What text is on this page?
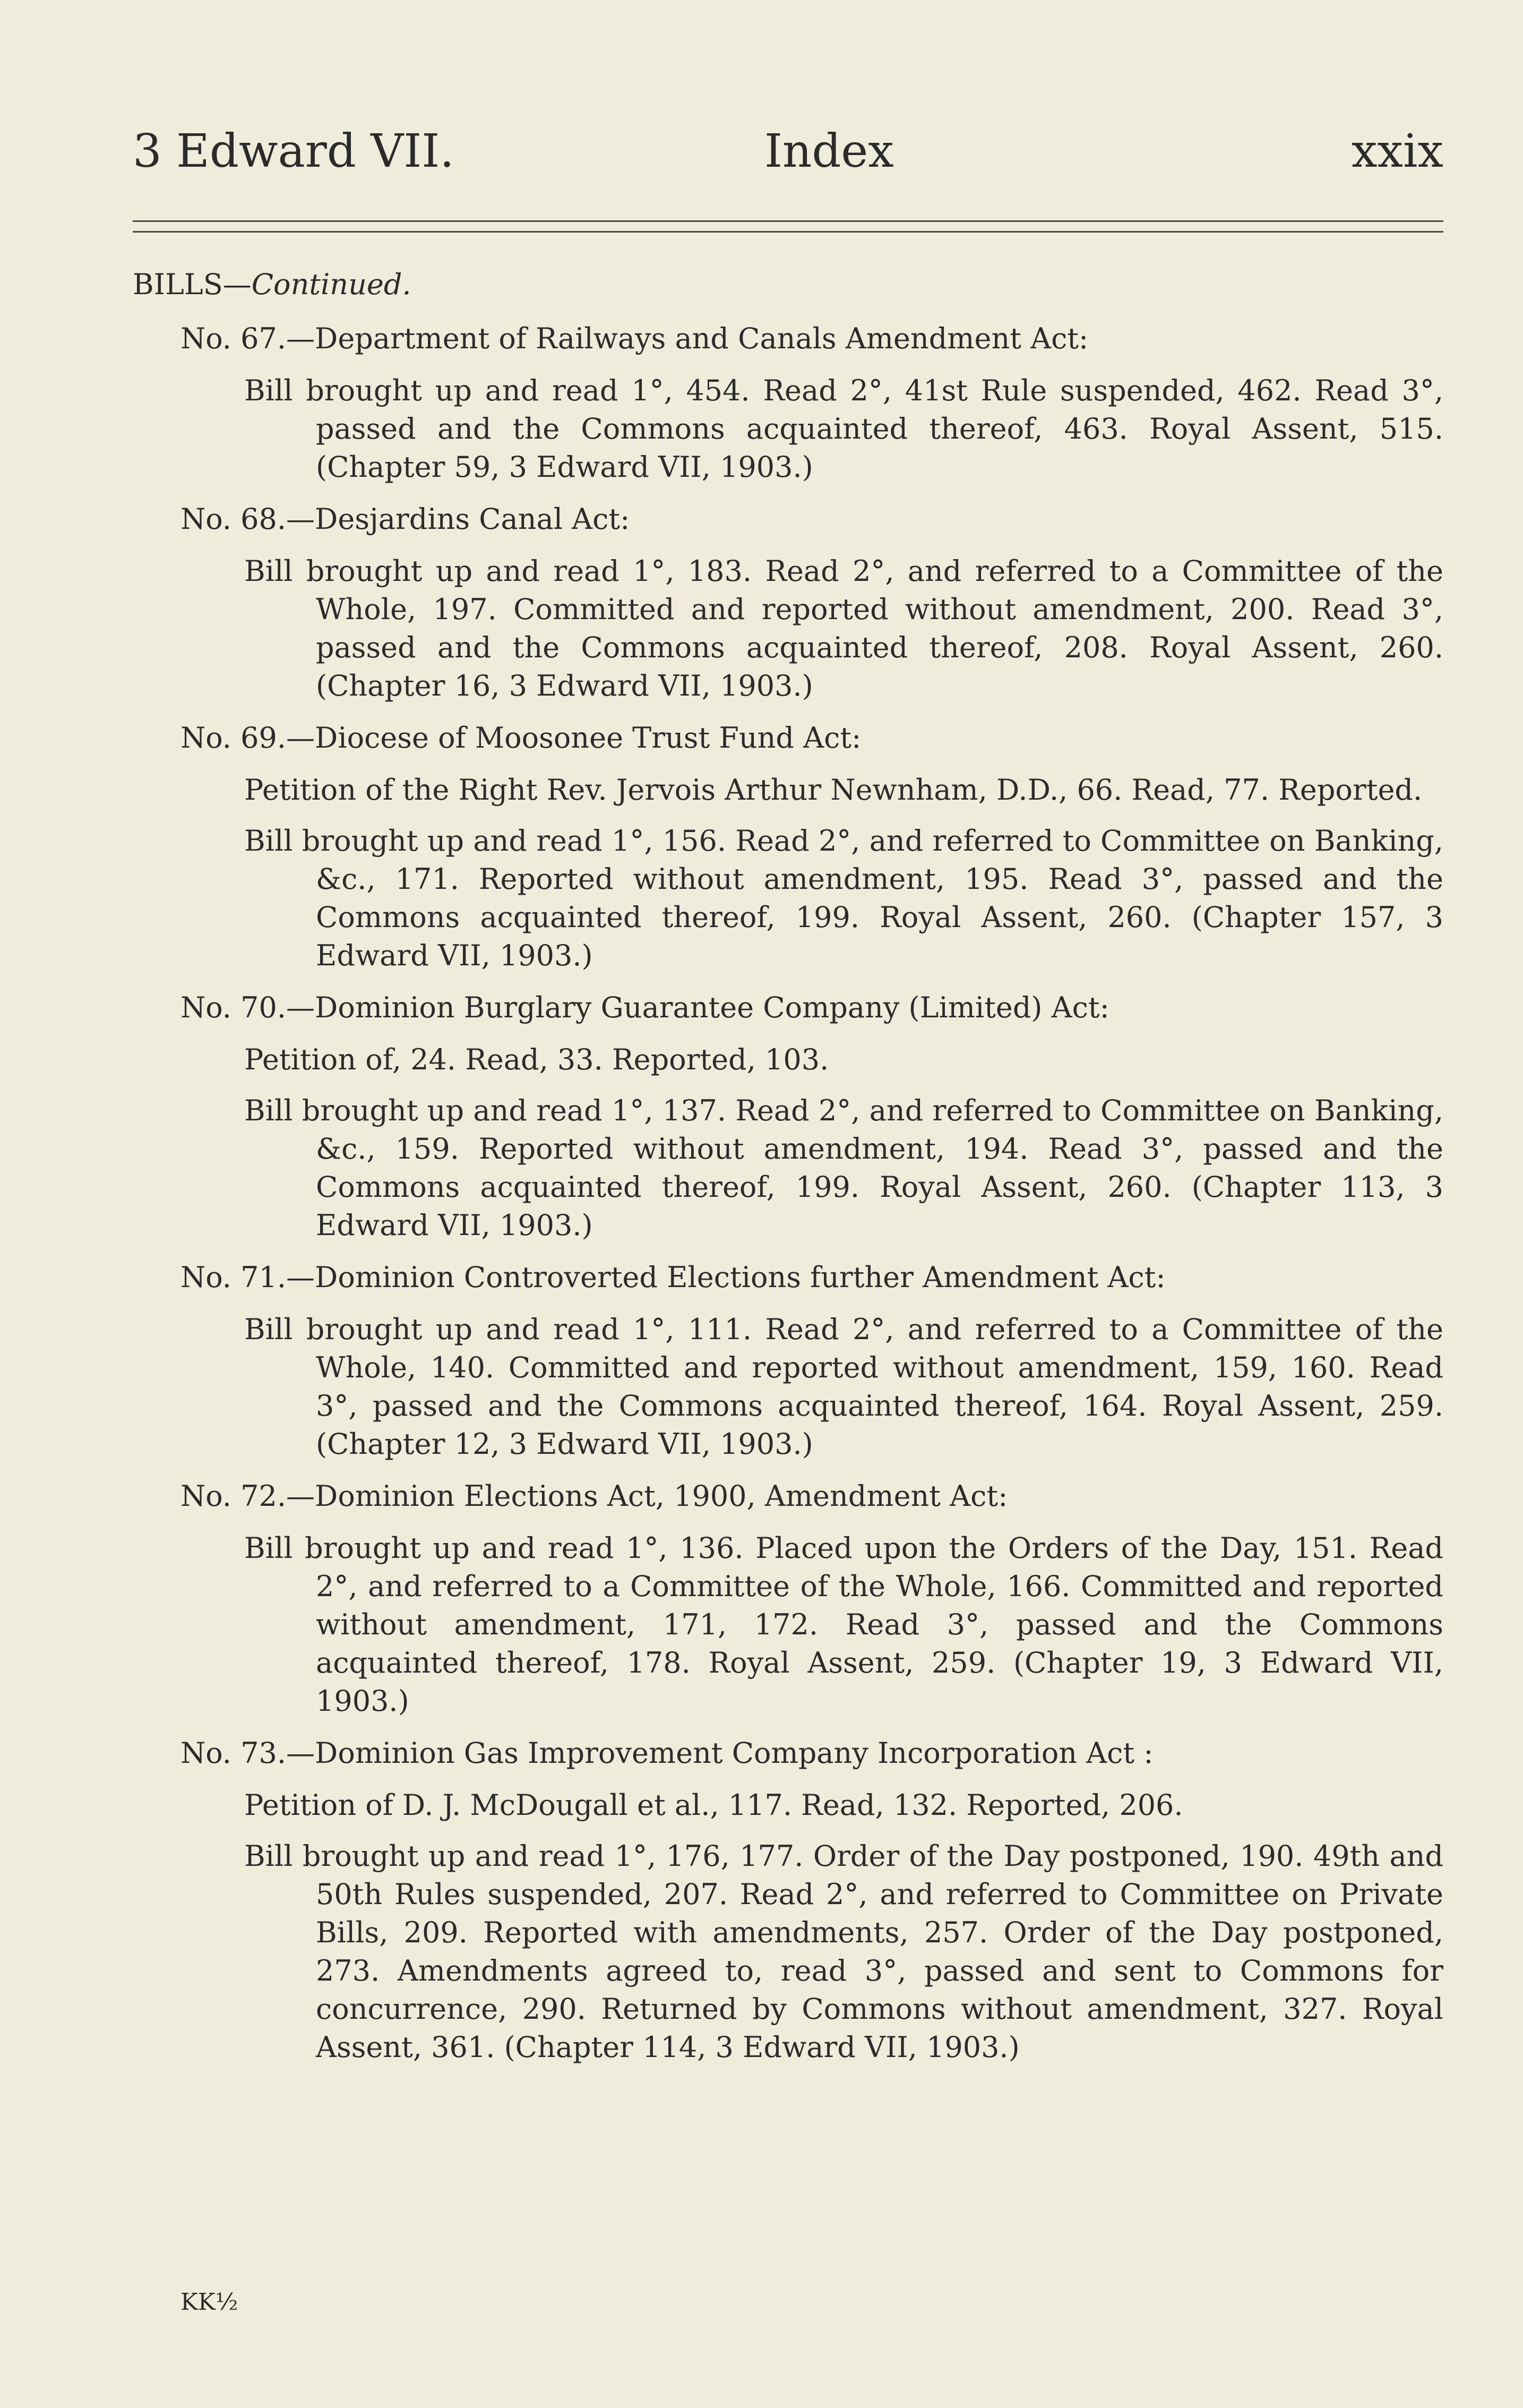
3 Edward VII.	Index	xxix
BILLS—Continued.
No. 67.—Department of Railways and Canals Amendment Act:
Bill brought up and read 1°, 454. Read 2°, 41st Rule suspended, 462. Read 3°, passed and the Commons acquainted thereof, 463. Royal Assent, 515. (Chapter 59, 3 Edward VII, 1903.)
No. 68.—Desjardins Canal Act:
Bill brought up and read 1°, 183. Read 2°, and referred to a Committee of the Whole, 197. Committed and reported without amendment, 200. Read 3°, passed and the Commons acquainted thereof, 208. Royal Assent, 260. (Chapter 16, 3 Edward VII, 1903.)
No. 69.—Diocese of Moosonee Trust Fund Act:
Petition of the Right Rev. Jervois Arthur Newnham, D.D., 66. Read, 77. Reported.
Bill brought up and read 1°, 156. Read 2°, and referred to Committee on Banking, &c., 171. Reported without amendment, 195. Read 3°, passed and the Commons acquainted thereof, 199. Royal Assent, 260. (Chapter 157, 3 Edward VII, 1903.)
No. 70.—Dominion Burglary Guarantee Company (Limited) Act:
Petition of, 24. Read, 33. Reported, 103.
Bill brought up and read 1°, 137. Read 2°, and referred to Committee on Banking, &c., 159. Reported without amendment, 194. Read 3°, passed and the Commons acquainted thereof, 199. Royal Assent, 260. (Chapter 113, 3 Edward VII, 1903.)
No. 71.—Dominion Controverted Elections further Amendment Act:
Bill brought up and read 1°, 111. Read 2°, and referred to a Committee of the Whole, 140. Committed and reported without amendment, 159, 160. Read 3°, passed and the Commons acquainted thereof, 164. Royal Assent, 259. (Chapter 12, 3 Edward VII, 1903.)
No. 72.—Dominion Elections Act, 1900, Amendment Act:
Bill brought up and read 1°, 136. Placed upon the Orders of the Day, 151. Read 2°, and referred to a Committee of the Whole, 166. Committed and reported without amendment, 171, 172. Read 3°, passed and the Commons acquainted thereof, 178. Royal Assent, 259. (Chapter 19, 3 Edward VII, 1903.)
No. 73.—Dominion Gas Improvement Company Incorporation Act :
Petition of D. J. McDougall et al., 117. Read, 132. Reported, 206.
Bill brought up and read 1°, 176, 177. Order of the Day postponed, 190. 49th and 50th Rules suspended, 207. Read 2°, and referred to Committee on Private Bills, 209. Reported with amendments, 257. Order of the Day postponed, 273. Amendments agreed to, read 3°, passed and sent to Commons for concurrence, 290. Returned by Commons without amendment, 327. Royal Assent, 361. (Chapter 114, 3 Edward VII, 1903.)
KK½
